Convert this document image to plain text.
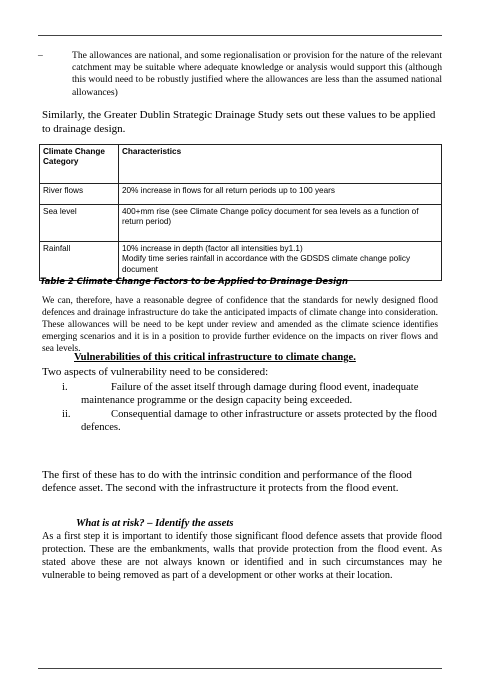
–	The allowances are national, and some regionalisation or provision for the nature of the relevant catchment may be suitable where adequate knowledge or analysis would support this (although this would need to be robustly justified where the allowances are less than the assumed national allowances)
Similarly, the Greater Dublin Strategic Drainage Study sets out these values to be applied to drainage design.
Climate Change Category	Characteristics
River flows	20% increase in flows for all return periods up to 100 years
Sea level	400+mm rise (see Climate Change policy document for sea levels as a function of return period)
Rainfall	10% increase in depth (factor all intensities by1.1)
Modify time series rainfall in accordance with the GDSDS climate change policy document
Table 2 Climate Change Factors to be Applied to Drainage Design
We can, therefore, have a reasonable degree of confidence that the standards for newly designed flood defences and drainage infrastructure do take the anticipated impacts of climate change into consideration. These allowances will be need to be kept under review and amended as the climate science identifies emerging scenarios and it is in a position to provide further evidence on the impacts on river flows and sea levels.
Vulnerabilities of this critical infrastructure to climate change.
Two aspects of vulnerability need to be considered:
i.	Failure of the asset itself through damage during flood event, inadequate maintenance programme or the design capacity being exceeded.
ii.	Consequential damage to other infrastructure or assets protected by the flood defences.
The first of these has to do with the intrinsic condition and performance of the flood defence asset. The second with the infrastructure it protects from the flood event.
What is at risk? – Identify the assets
As a first step it is important to identify those significant flood defence assets that provide flood protection. These are the embankments, walls that provide protection from the flood event. As stated above these are not always known or identified and in such circumstances may he vulnerable to being removed as part of a development or other works at their location.
